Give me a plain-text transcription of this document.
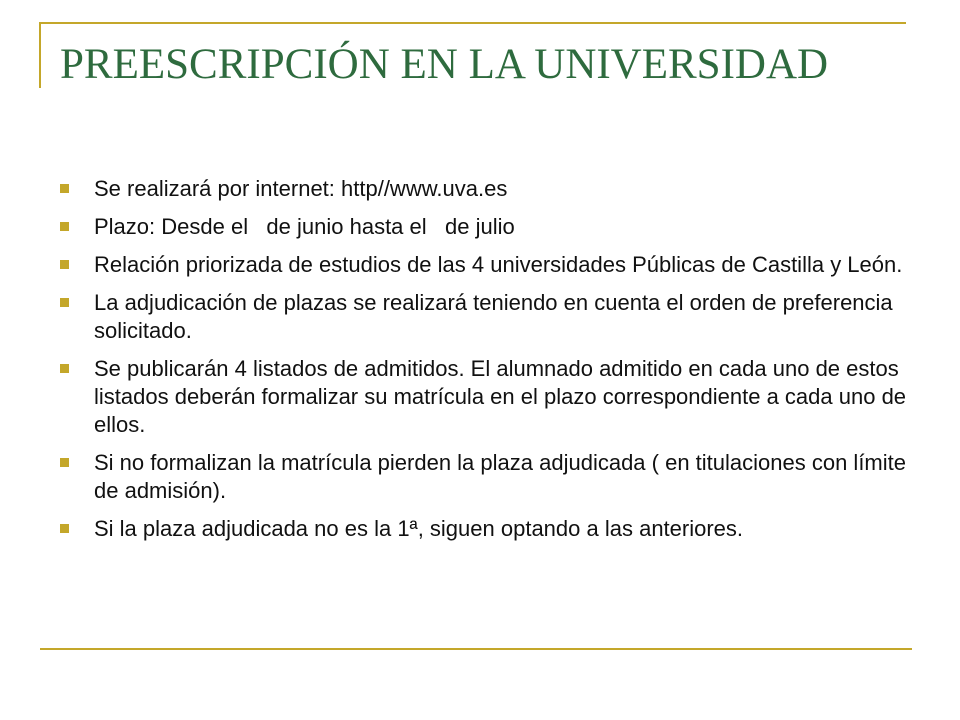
PREESCRIPCIÓN EN LA UNIVERSIDAD
Se realizará por internet: http//www.uva.es
Plazo: Desde el   de junio hasta el   de julio
Relación priorizada de estudios de las 4 universidades Públicas de Castilla y León.
La adjudicación de plazas se realizará teniendo en cuenta el orden de preferencia solicitado.
Se publicarán 4 listados de admitidos. El alumnado admitido en cada uno de estos listados deberán formalizar su matrícula en el plazo correspondiente a cada uno de ellos.
Si no formalizan la matrícula pierden la plaza adjudicada ( en titulaciones con límite de admisión).
Si la plaza adjudicada no es la 1ª, siguen optando a las anteriores.
